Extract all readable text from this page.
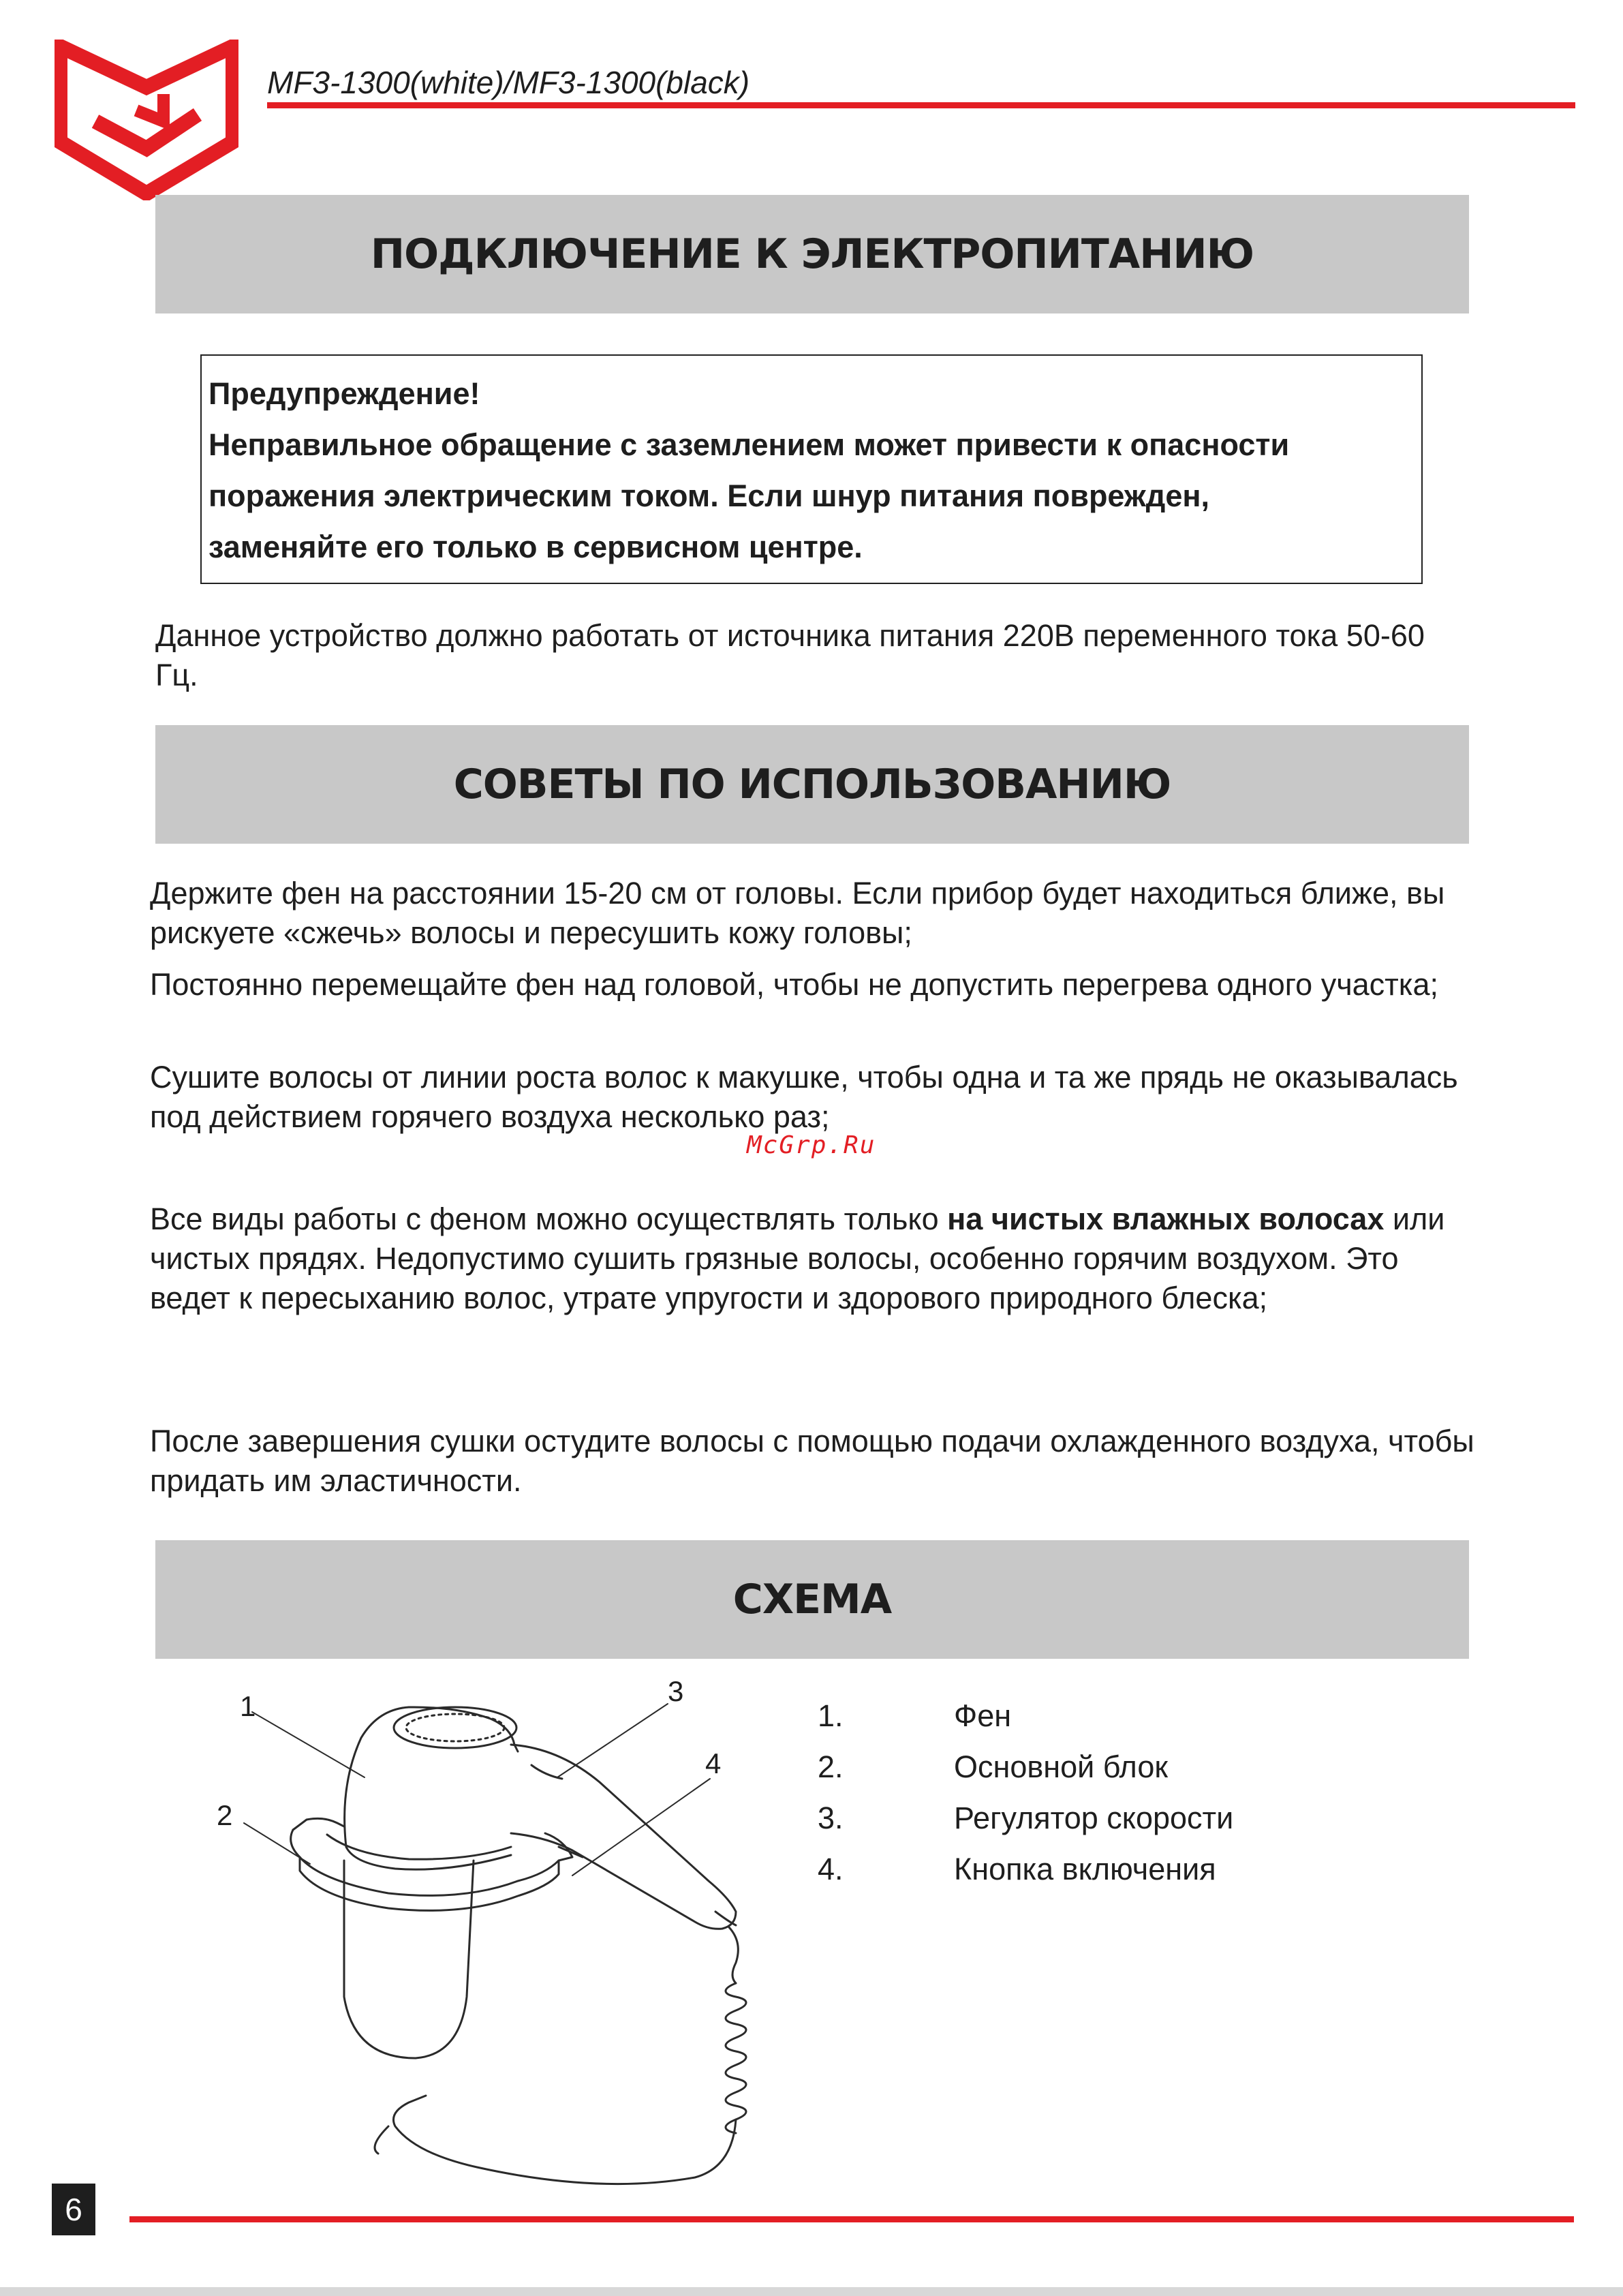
MF3-1300(white)/MF3-1300(black)
ПОДКЛЮЧЕНИЕ К ЭЛЕКТРОПИТАНИЮ

Предупреждение!

Неправильное обращение с заземлением может привести к опасности

поражения электрическим током. Если шнур питания поврежден,

заменяйте его только в сервисном центре.

Данное устройство должно работать от источника питания 220В переменного тока 50-60 Гц.

СОВЕТЫ ПО ИСПОЛЬЗОВАНИЮ

Держите фен на расстоянии 15-20 см от головы. Если прибор будет находиться ближе, вы рискуете «сжечь» волосы и пересушить кожу головы;

Постоянно перемещайте фен над головой, чтобы не допустить перегрева одного участка;

Сушите волосы от линии роста волос к макушке, чтобы одна и та же прядь не оказывалась под действием горячего воздуха несколько раз;

McGrp.Ru

Все виды работы с феном можно осуществлять только на чистых влажных волосах или чистых прядях. Недопустимо сушить грязные волосы, особенно горячим воздухом. Это ведет к пересыханию волос, утрате упругости и здорового природного блеска;

После завершения сушки остудите волосы с помощью подачи охлажденного воздуха, чтобы придать им эластичности.

СХЕМА
1
2
3
4
1.	Фен
2.	Основной блок
3.	Регулятор скорости
4.	Кнопка включения
6
